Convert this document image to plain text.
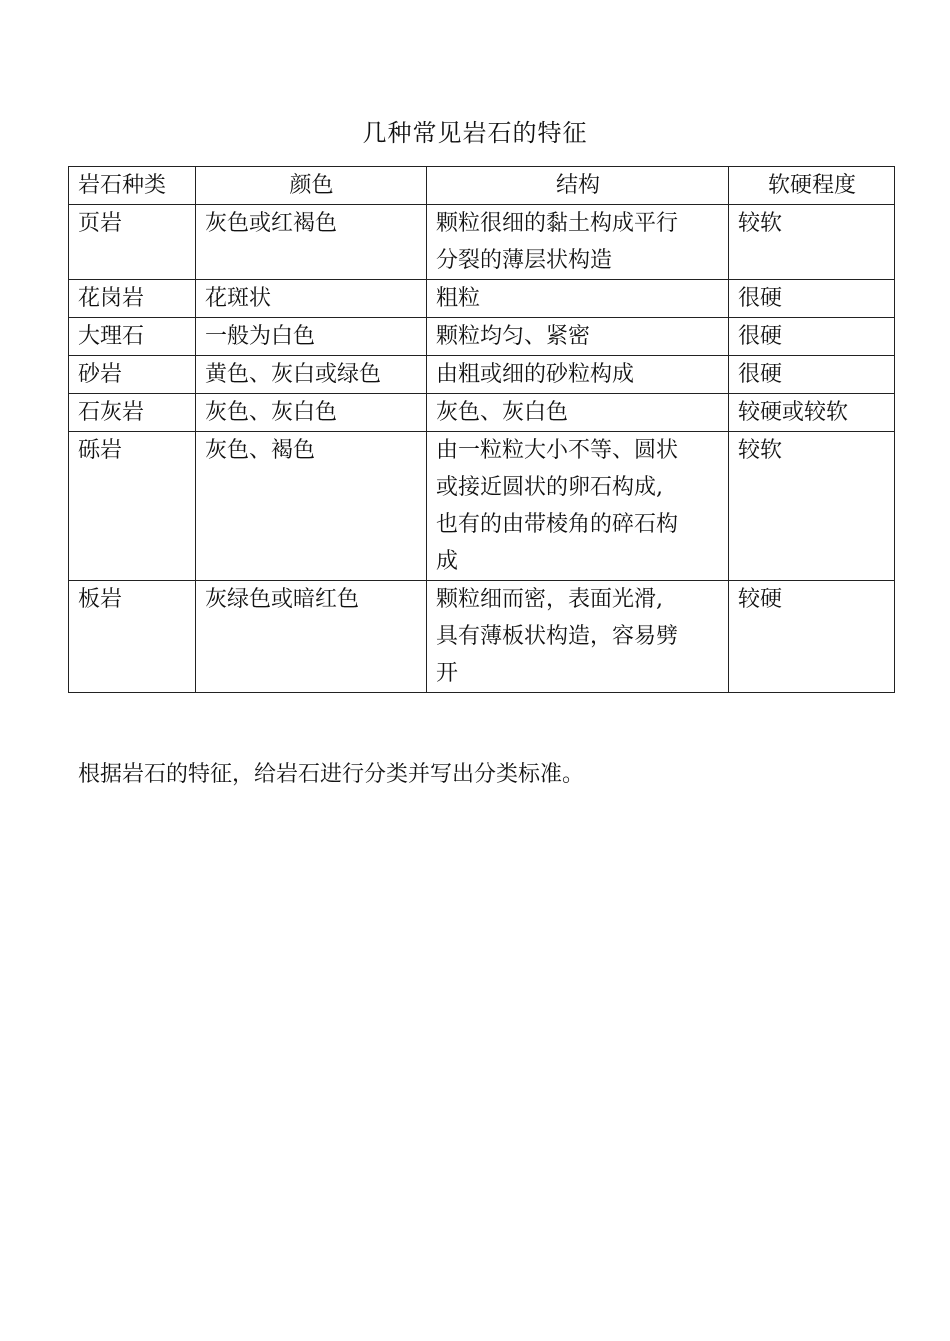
几种常见岩石的特征
岩石种类	颜色	结构	软硬程度
页岩	灰色或红褐色	颗粒很细的黏土构成平行
分裂的薄层状构造	较软
花岗岩	花斑状	粗粒	很硬
大理石	一般为白色	颗粒均匀、紧密	很硬
砂岩	黄色、灰白或绿色	由粗或细的砂粒构成	很硬
石灰岩	灰色、灰白色	灰色、灰白色	较硬或较软
砾岩	灰色、褐色	由一粒粒大小不等、圆状
或接近圆状的卵石构成,
也有的由带棱角的碎石构
成	较软
板岩	灰绿色或暗红色	颗粒细而密，表面光滑,
具有薄板状构造，容易劈
开	较硬
根据岩石的特征，给岩石进行分类并写出分类标准。
